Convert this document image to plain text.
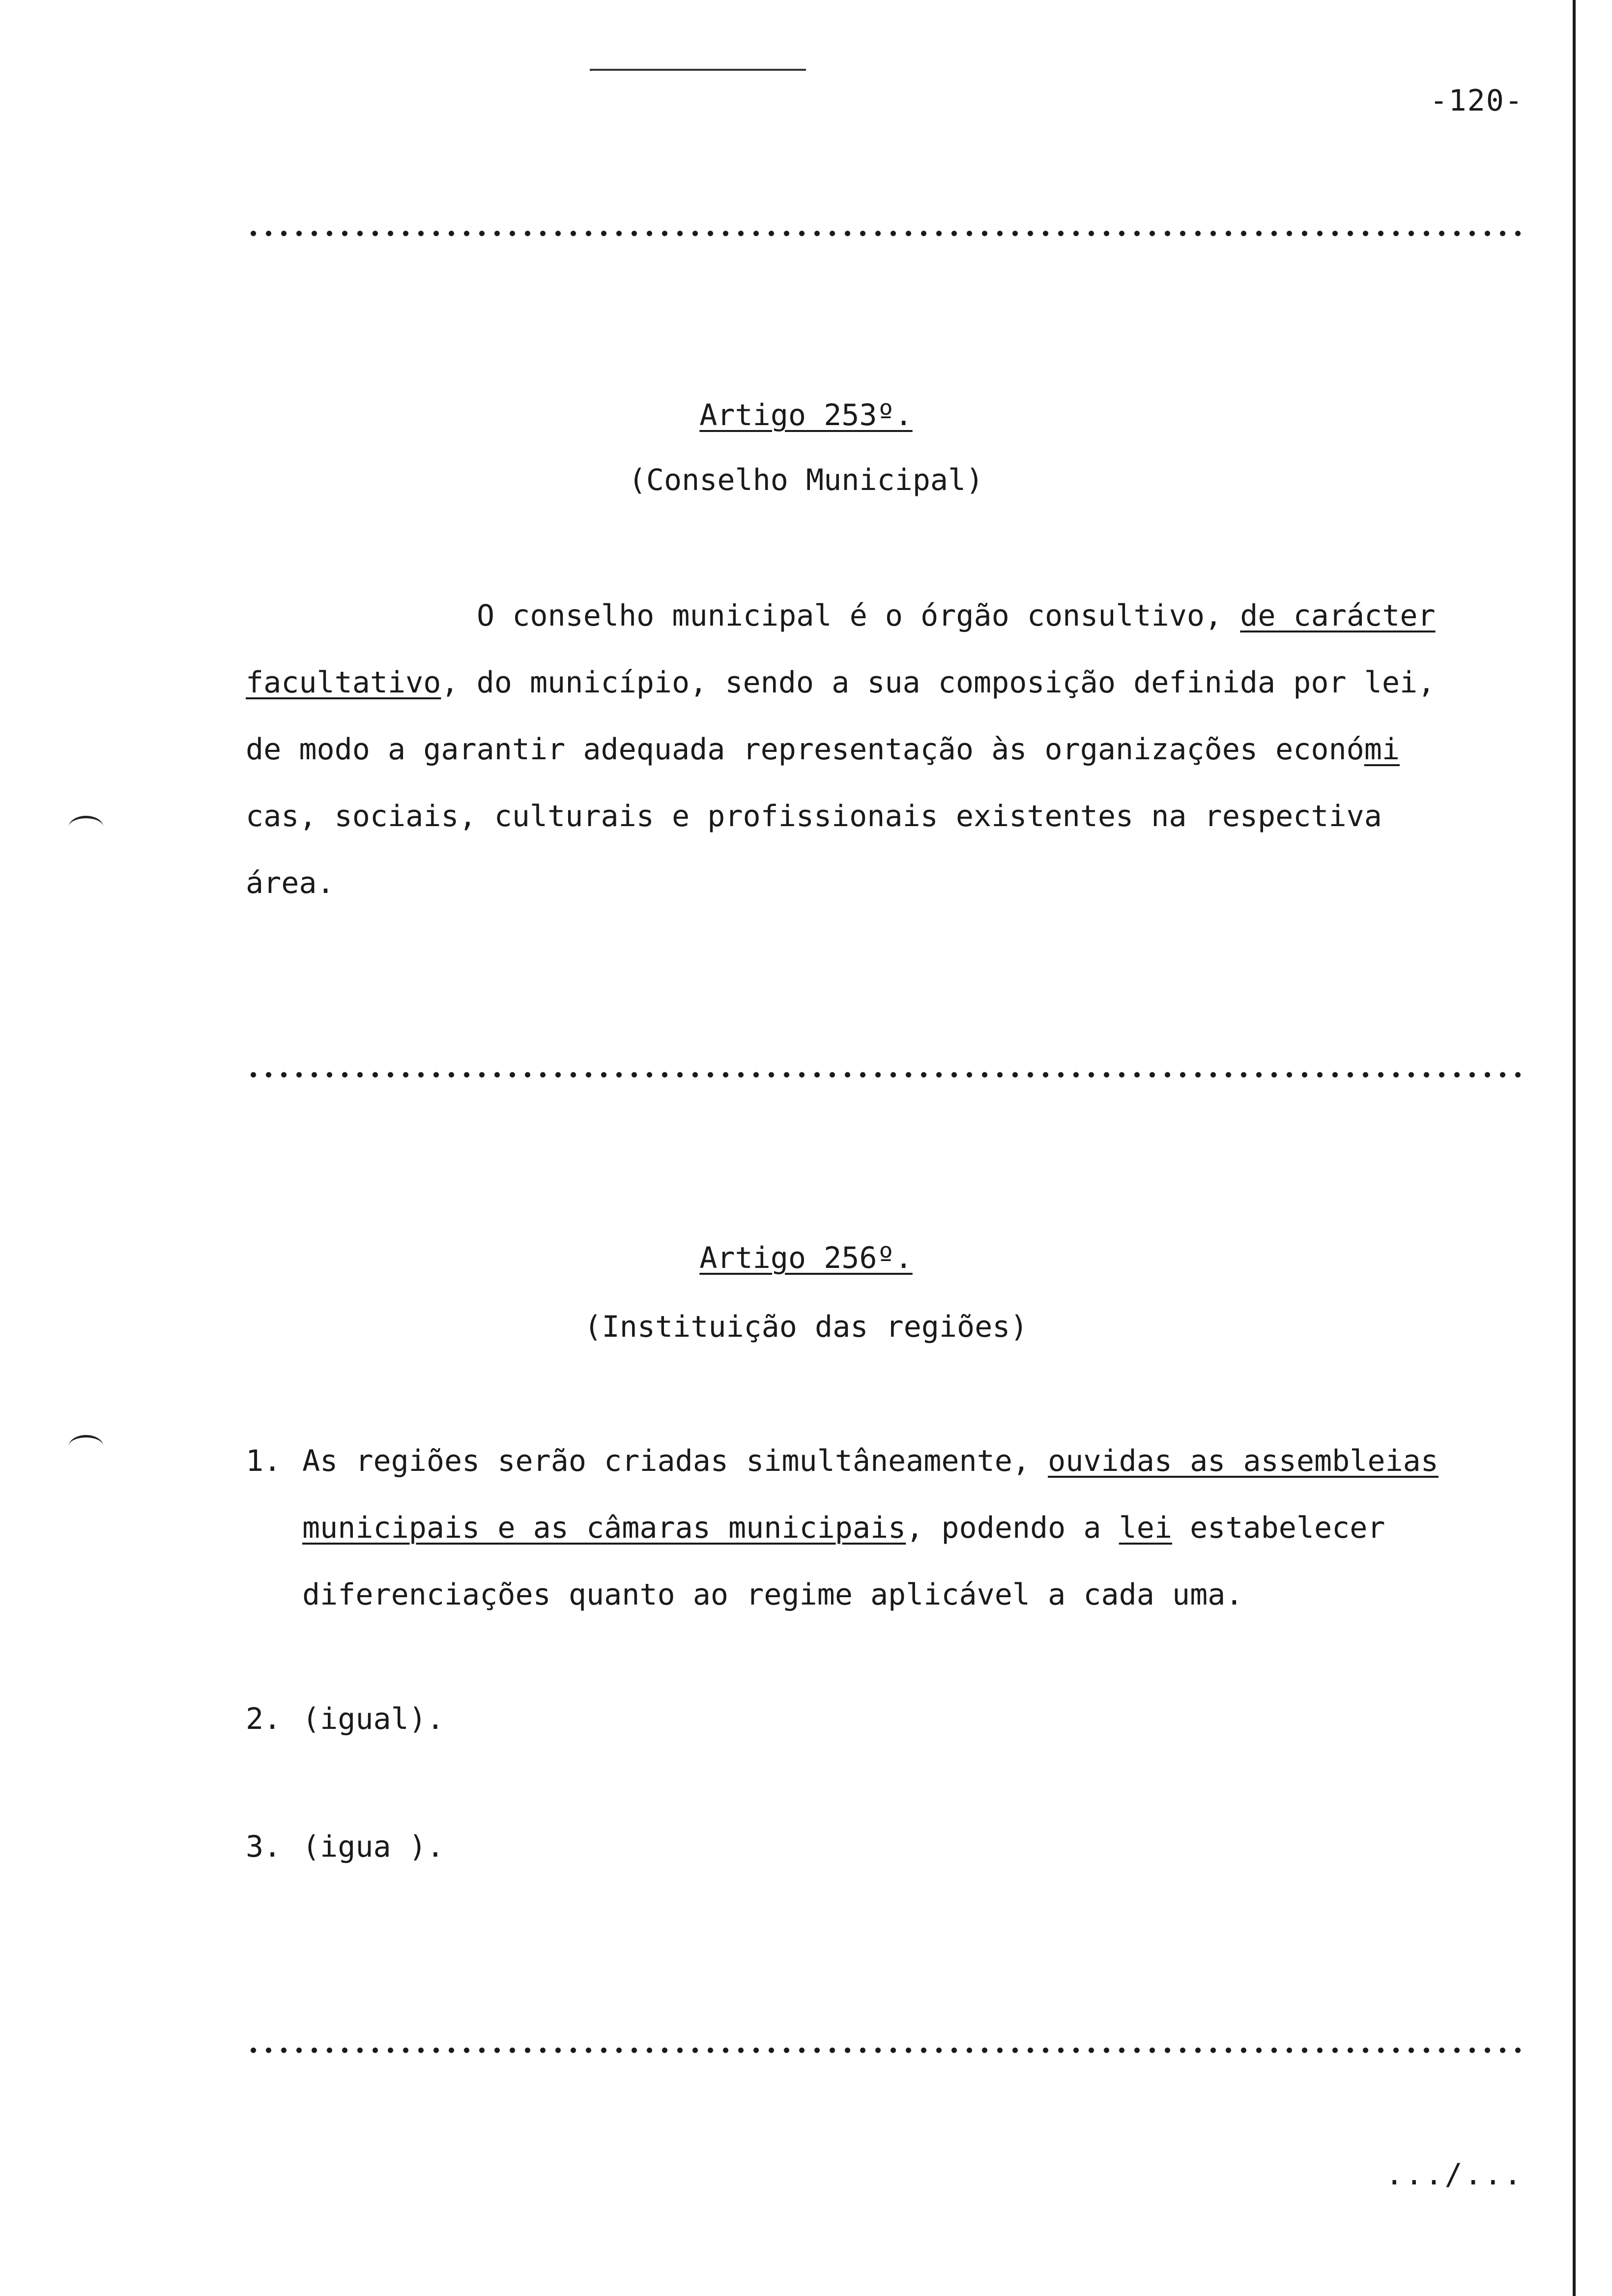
-120-
Artigo 253º.
(Conselho Municipal)
O conselho municipal é o órgão consultivo, de carácter
facultativo, do município, sendo a sua composição definida por lei,
de modo a garantir adequada representação às organizações económi
cas, sociais, culturais e profissionais existentes na respectiva
área.
Artigo 256º.
(Instituição das regiões)
1. As regiões serão criadas simultâneamente, ouvidas as assembleias
municipais e as câmaras municipais, podendo a lei estabelecer
diferenciações quanto ao regime aplicável a cada uma.
2. (igual).
3. (igua ).
.../...
